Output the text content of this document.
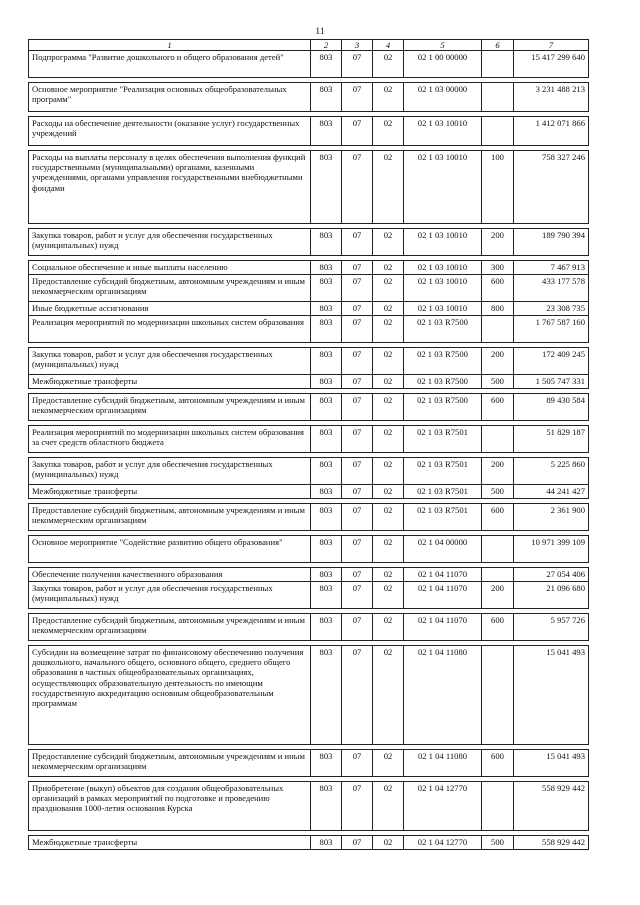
11
1	2	3	4	5	6	7
Подпрограмма "Развитие дошкольного и общего образования детей"	803	07	02	02 1 00 00000		15 417 299 640

Основное мероприятие "Реализация основных общеобразовательных программ"	803	07	02	02 1 03 00000		3 231 488 213

Расходы на обеспечение деятельности (оказание услуг) государственных учреждений	803	07	02	02 1 03 10010		1 412 071 866

Расходы на выплаты персоналу в целях обеспечения выполнения функций государственными (муниципальными) органами, казенными учреждениями, органами управления государственными внебюджетными фондами	803	07	02	02 1 03 10010	100	758 327 246

Закупка товаров, работ и услуг для обеспечения государственных (муниципальных) нужд	803	07	02	02 1 03 10010	200	189 790 394

Социальное обеспечение и иные выплаты населению	803	07	02	02 1 03 10010	300	7 467 913
Предоставление субсидий бюджетным, автономным учреждениям и иным некоммерческим организациям	803	07	02	02 1 03 10010	600	433 177 578
Иные бюджетные ассигнования	803	07	02	02 1 03 10010	800	23 308 735
Реализация мероприятий по модернизации школьных систем образования	803	07	02	02 1 03 R7500		1 767 587 160

Закупка товаров, работ и услуг для обеспечения государственных (муниципальных) нужд	803	07	02	02 1 03 R7500	200	172 409 245
Межбюджетные трансферты	803	07	02	02 1 03 R7500	500	1 505 747 331

Предоставление субсидий бюджетным, автономным учреждениям и иным некоммерческим организациям	803	07	02	02 1 03 R7500	600	89 430 584

Реализация мероприятий по модернизации школьных систем образования за счет средств областного бюджета	803	07	02	02 1 03 R7501		51 829 187

Закупка товаров, работ и услуг для обеспечения государственных (муниципальных) нужд	803	07	02	02 1 03 R7501	200	5 225 860
Межбюджетные трансферты	803	07	02	02 1 03 R7501	500	44 241 427

Предоставление субсидий бюджетным, автономным учреждениям и иным некоммерческим организациям	803	07	02	02 1 03 R7501	600	2 361 900

Основное мероприятие "Содействие развитию общего образования"	803	07	02	02 1 04 00000		10 971 399 109

Обеспечение получения качественного образования	803	07	02	02 1 04 11070		27 054 406
Закупка товаров, работ и услуг для обеспечения государственных (муниципальных) нужд	803	07	02	02 1 04 11070	200	21 096 680

Предоставление субсидий бюджетным, автономным учреждениям и иным некоммерческим организациям	803	07	02	02 1 04 11070	600	5 957 726

Субсидии на возмещение затрат по финансовому обеспечению получения дошкольного, начального общего, основного общего, среднего общего образования в частных общеобразовательных организациях, осуществляющих образовательную деятельность по имеющим государственную аккредитацию основным общеобразовательным программам	803	07	02	02 1 04 11080		15 041 493

Предоставление субсидий бюджетным, автономным учреждениям и иным некоммерческим организациям	803	07	02	02 1 04 11080	600	15 041 493

Приобретение (выкуп) объектов для создания общеобразовательных организаций в рамках мероприятий по подготовке и проведению празднования 1000-летия основания Курска	803	07	02	02 1 04 12770		558 929 442

Межбюджетные трансферты	803	07	02	02 1 04 12770	500	558 929 442
